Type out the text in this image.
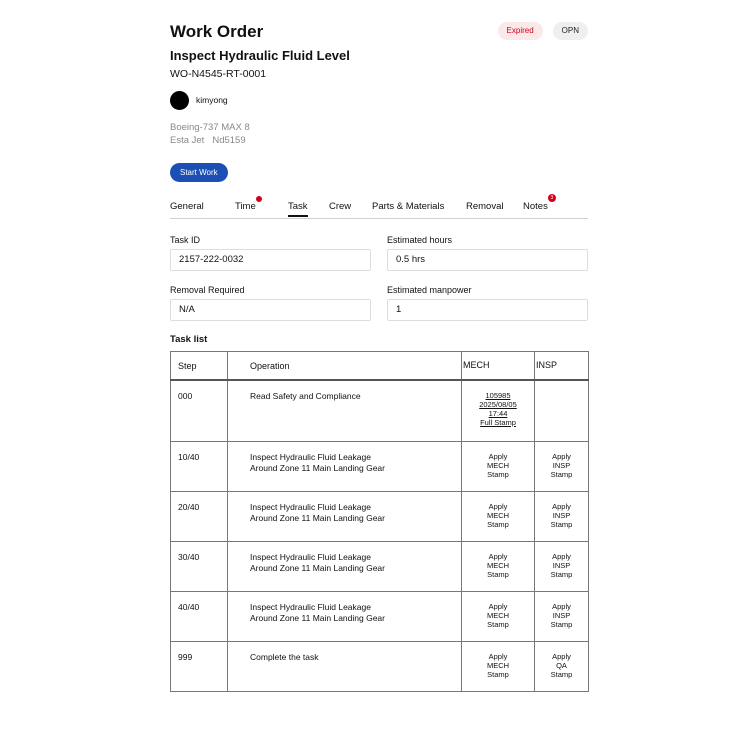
Work Order
Inspect Hydraulic Fluid Level
WO-N4545-RT-0001
Expired	OPN
kimyong
Boeing-737 MAX 8
Esta Jet Nd5159
Start Work
General	Time	Task Crew Parts & Materials Removal Notes
3
Task ID
2157-222-0032
Estimated hours
0.5 hrs
Removal Required
N/A
Estimated manpower
1
Task list
Step	Operation	MECH	INSP
000	Read Safety and Compliance	105985
2025/08/05
17:44
Full Stamp	

10/40	Inspect Hydraulic Fluid Leakage
Around Zone 11 Main Landing Gear	Apply
MECH
Stamp	Apply
INSP
Stamp

20/40	Inspect Hydraulic Fluid Leakage
Around Zone 11 Main Landing Gear	Apply
MECH
Stamp	Apply
INSP
Stamp

30/40	Inspect Hydraulic Fluid Leakage
Around Zone 11 Main Landing Gear	Apply
MECH
Stamp	Apply
INSP
Stamp

40/40	Inspect Hydraulic Fluid Leakage
Around Zone 11 Main Landing Gear	Apply
MECH
Stamp	Apply
INSP
Stamp

999	Complete the task	Apply
MECH
Stamp	Apply
QA
Stamp
